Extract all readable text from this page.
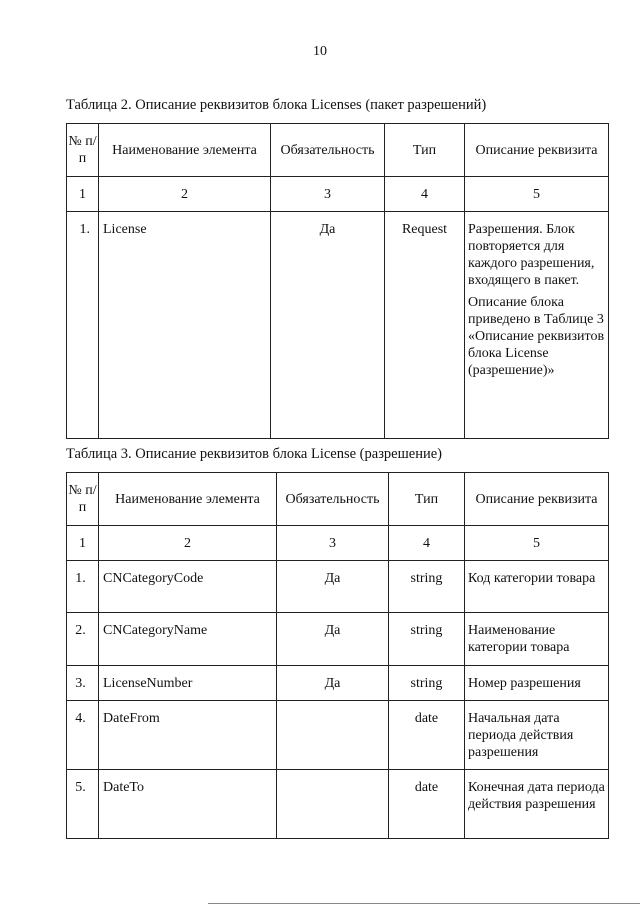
10
Таблица 2. Описание реквизитов блока Licenses (пакет разрешений)
№ п/п	Наименование элемента	Обязательность	Тип	Описание реквизита
1	2	3	4	5
1.	License	Да	Request	Разрешения. Блок повторяется для каждого разрешения, входящего в пакет.

Описание блока приведено в Таблице 3 «Описание реквизитов блока License (разрешение)»

Таблица 3. Описание реквизитов блока License (разрешение)
№ п/п	Наименование элемента	Обязательность	Тип	Описание реквизита
1	2	3	4	5
1.	CNCategoryCode	Да	string	Код категории товара
2.	CNCategoryName	Да	string	Наименование категории товара
3.	LicenseNumber	Да	string	Номер разрешения
4.	DateFrom		date	Начальная дата периода действия разрешения
5.	DateTo		date	Конечная дата периода действия разрешения
